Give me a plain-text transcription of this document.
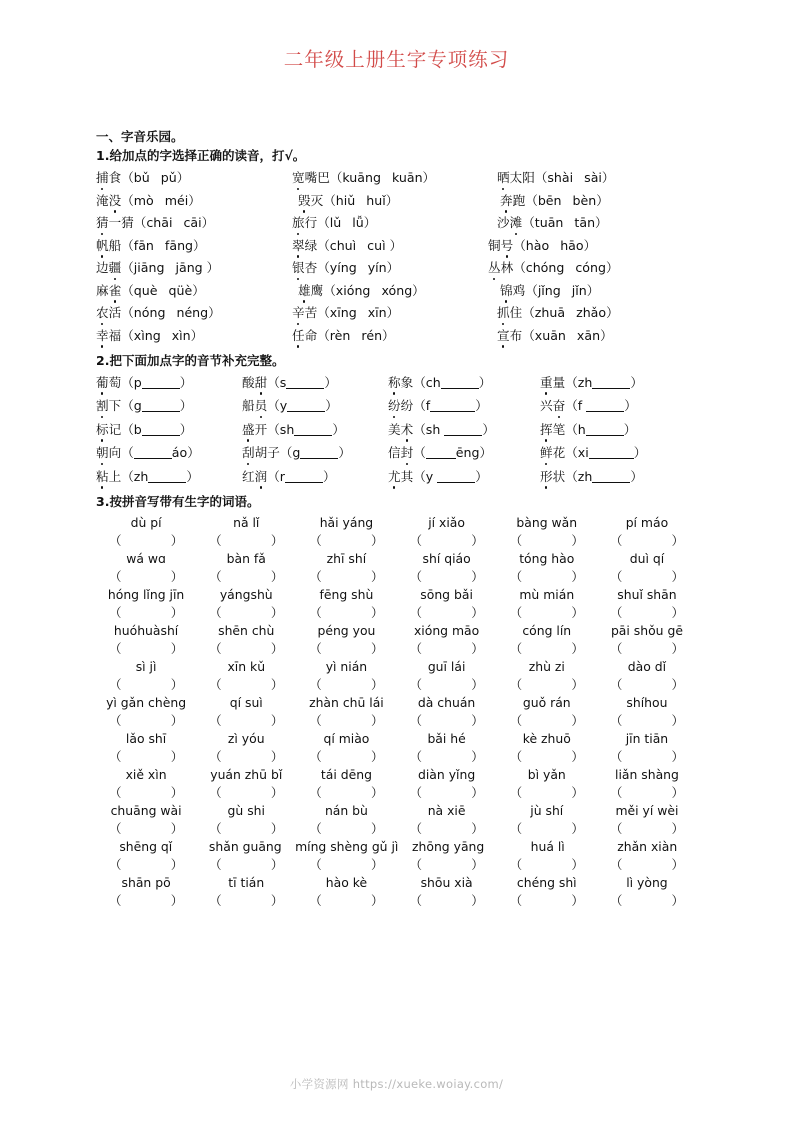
二年级上册生字专项练习
一、字音乐园。
1.给加点的字选择正确的读音，打√。
捕食（bǔ pǔ）	宽嘴巴（kuāng kuān）	晒太阳（shài sài）
淹没（mò méi）	毁灭（hiǔ huǐ）	奔跑（bēn bèn）
猜一猜（chāi cāi）	旅行（lǔ lǚ）	沙滩（tuān tān）
帆船（fān fāng）	翠绿（chuì cuì ）	铜号（hào hāo）
边疆（jiāng jāng ）	银杏（yíng yín）	丛林（chóng cóng）
麻雀（què qüè）	雄鹰（xióng xóng）	锦鸡（jǐng jǐn）
农活（nóng néng）	辛苦（xīng xīn）	抓住（zhuā zhǎo）
幸福（xìng xìn）	任命（rèn rén）	宣布（xuān xān）
2.把下面加点字的音节补充完整。
葡萄（p	）	酸甜（s	）	称象（ch	）	重量（zh	）
割下（g	）	船员（y	）	纷纷（f	）	兴奋（f	）
标记（b	）	盛开（sh	）	美术（sh	）	挥笔（h	）
朝向（	áo）	刮胡子（g	）	信封（ ēng）	鲜花（xi	）
粘上（zh	）	红润（r	）	尤其（y	）	形状（zh	）
3.按拼音写带有生字的词语。
dù pí	nǎ lǐ	hǎi yáng	jí xiǎo	bàng wǎn	pí máo
（	） （	） （	） （	） （	） （	）
wá wɑ	bàn fǎ	zhī shí	shí qiáo	tóng hào	duì qí
（	） （	） （	） （	） （	） （	）
hóng lǐng jīn	yángshù	fēng shù	sōng bǎi	mù mián	shuǐ shān
（	） （	） （	） （	） （	） （	）
huóhuàshí	shēn chù	péng you	xióng māo	cóng lín	pāi shǒu gē
（	） （	） （	） （	） （	） （	）
sì jì	xīn kǔ	yì nián	guī lái	zhù zi	dào dǐ
（	） （	） （	） （	） （	） （	）
yì gǎn chèng	qí suì	zhàn chū lái	dà chuán	guǒ rán	shíhou
（	） （	） （	） （	） （	） （	）
lǎo shī	zì yóu	qí miào	bǎi hé	kè zhuō	jīn tiān
（	） （	） （	） （	） （	） （	）
xiě xìn	yuán zhū bǐ	tái dēng	diàn yǐng	bì yǎn	liǎn shàng
（	） （	） （	） （	） （	） （	）
chuāng wài	gù shi	nán bù	nà xiē	jù shí	měi yí wèi
（	） （	） （	） （	） （	） （	）
shēng qǐ	shǎn guāng	míng shèng gǔ jì	zhōng yāng	huá lì	zhǎn xiàn
（	） （	） （	） （	） （	） （	）
shān pō	tī tián	hào kè	shōu xià	chéng shì	lì yòng
（	） （	） （	） （	） （	） （	）
小学资源网 https://xueke.woiay.com/
